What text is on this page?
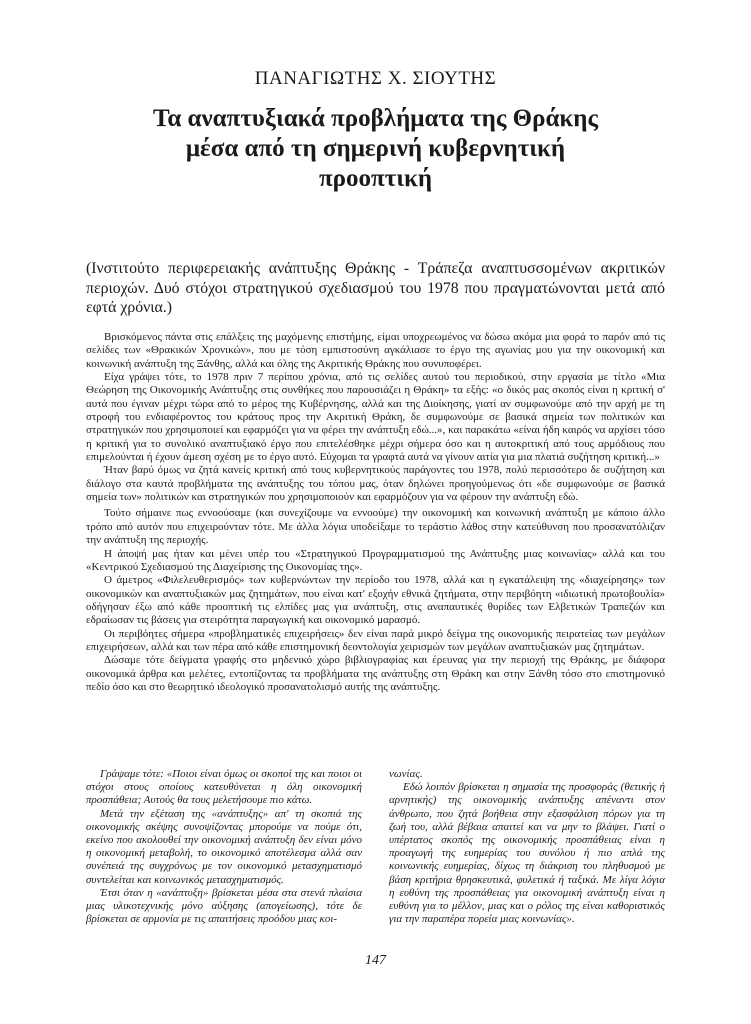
ΠΑΝΑΓΙΩΤΗΣ Χ. ΣΙΟΥΤΗΣ
Τα αναπτυξιακά προβλήματα της Θράκης
μέσα από τη σημερινή κυβερνητική
προοπτική
(Ινστιτούτο περιφερειακής ανάπτυξης Θράκης - Τράπεζα αναπτυσσομένων ακριτικών περιοχών. Δυό στόχοι στρατηγικού σχεδιασμού του 1978 που πραγματώνονται μετά από εφτά χρόνια.)

Βρισκόμενος πάντα στις επάλξεις της μαχόμενης επιστήμης, είμαι υποχρεωμένος να δώσω ακόμα μια φορά το παρόν από τις σελίδες των «Θρακικών Χρονικών», που με τόση εμπιστοσύνη αγκάλιασε το έργο της αγωνίας μου για την οικονομική και κοινωνική ανάπτυξη της Ξάνθης, αλλά και όλης της Ακριτικής Θράκης που συνυποφέρει.

Είχα γράψει τότε, το 1978 πριν 7 περίπου χρόνια, από τις σελίδες αυτού του περιοδικού, στην εργασία με τίτλο «Μια Θεώρηση της Οικονομικής Ανάπτυξης στις συνθήκες που παρουσιάζει η Θράκη» τα εξής: «ο δικός μας σκοπός είναι η κριτική σ' αυτά που έγιναν μέχρι τώρα από το μέρος της Κυβέρνησης, αλλά και της Διοίκησης, γιατί αν συμφωνούμε από την αρχή με τη στροφή του ενδιαφέροντος του κράτους προς την Ακριτική Θράκη, δε συμφωνούμε σε βασικά σημεία των πολιτικών και στρατηγικών που χρησιμοποιεί και εφαρμόζει για να φέρει την ανάπτυξη εδώ...», και παρακάτω «είναι ήδη καιρός να αρχίσει τόσο η κριτική για το συνολικό αναπτυξιακό έργο που επιτελέσθηκε μέχρι σήμερα όσο και η αυτοκριτική από τους αρμόδιους που επιμελούνται ή έχουν άμεση σχέση με το έργο αυτό. Εύχομαι τα γραφτά αυτά να γίνουν αιτία για μια πλατιά συζήτηση κριτική...»

Ήταν βαρύ όμως να ζητά κανείς κριτική από τους κυβερνητικούς παράγοντες του 1978, πολύ περισσότερο δε συζήτηση και διάλογο στα καυτά προβλήματα της ανάπτυξης του τόπου μας, όταν δηλώνει προηγούμενως ότι «δε συμφωνούμε σε βασικά σημεία των» πολιτικών και στρατηγικών που χρησιμοποιούν και εφαρμόζουν για να φέρουν την ανάπτυξη εδώ.

Τούτο σήμαινε πως εννοούσαμε (και συνεχίζουμε να εννοούμε) την οικονομική και κοινωνική ανάπτυξη με κάποιο άλλο τρόπο από αυτόν που επιχειρούνταν τότε. Με άλλα λόγια υποδείξαμε το τεράστιο λάθος στην κατεύθυνση που προσανατόλιζαν την ανάπτυξη της περιοχής.

Η άποψή μας ήταν και μένει υπέρ του «Στρατηγικού Προγραμματισμού της Ανάπτυξης μιας κοινωνίας» αλλά και του «Κεντρικού Σχεδιασμού της Διαχείρισης της Οικονομίας της».

Ο άμετρος «Φιλελευθερισμός» των κυβερνώντων την περίοδο του 1978, αλλά και η εγκατάλειψη της «διαχείρησης» των οικονομικών και αναπτυξιακών μας ζητημάτων, που είναι κατ' εξοχήν εθνικά ζητήματα, στην περιβόητη «ιδιωτική πρωτοβουλία» οδήγησαν έξω από κάθε προοπτική τις ελπίδες μας για ανάπτυξη, στις αναπαυτικές θυρίδες των Ελβετικών Τραπεζών και εδραίωσαν τις βάσεις για στειρότητα παραγωγική και οικονομικό μαρασμό.

Οι περιβόητες σήμερα «προβληματικές επιχειρήσεις» δεν είναι παρά μικρό δείγμα της οικονομικής πειρατείας των μεγάλων επιχειρήσεων, αλλά και των πέρα από κάθε επιστημονική δεοντολογία χειρισμών των μεγάλων αναπτυξιακών μας ζητημάτων.

Δώσαμε τότε δείγματα γραφής στο μηδενικό χώρο βιβλιογραφίας και έρευνας για την περιοχή της Θράκης, με διάφορα οικονομικά άρθρα και μελέτες, εντοπίζοντας τα προβλήματα της ανάπτυξης στη Θράκη και στην Ξάνθη τόσο στο επιστημονικό πεδίο όσο και στο θεωρητικό ιδεολογικό προσανατολισμό αυτής της ανάπτυξης.

Γράψαμε τότε: «Ποιοι είναι όμως οι σκοποί της και ποιοι οι στόχοι στους οποίους κατευθύνεται η όλη οικονομική προσπάθεια; Αυτούς θα τους μελετήσουμε πιο κάτω.

Μετά την εξέταση της «ανάπτυξης» απ' τη σκοπιά της οικονομικής σκέψης συνοψίζοντας μπορούμε να πούμε ότι, εκείνο που ακολουθεί την οικονομική ανάπτυξη δεν είναι μόνο η οικονομική μεταβολή, το οικονομικό αποτέλεσμα αλλά σαν συνέπειά της συγχρόνως με τον οικονομικό μετασχηματισμό συντελείται και κοινωνικός μετασχηματισμός.

Έτσι όταν η «ανάπτυξη» βρίσκεται μέσα στα στενά πλαίσια μιας υλικοτεχνικής μόνο αύξησης (απογείωσης), τότε δε βρίσκεται σε αρμονία με τις απαιτήσεις προόδου μιας κοι-

νωνίας.

Εδώ λοιπόν βρίσκεται η σημασία της προσφοράς (θετικής ή αρνητικής) της οικονομικής ανάπτυξης απέναντι στον άνθρωπο, που ζητά βοήθεια στην εξασφάλιση πόρων για τη ζωή του, αλλά βέβαια απαιτεί και να μην το βλάψει. Γιατί ο υπέρτατος σκοπός της οικονομικής προσπάθειας είναι η προαγωγή της ευημερίας του συνόλου ή πιο απλά της κοινωνικής ευημερίας, δίχως τη διάκριση του πληθυσμού με βάση κριτήρια θρησκευτικά, φυλετικά ή ταξικά. Με λίγα λόγια η ευθύνη της προσπάθειας για οικονομική ανάπτυξη είναι η ευθύνη για το μέλλον, μιας και ο ρόλος της είναι καθοριστικός για την παραπέρα πορεία μιας κοινωνίας».

147
